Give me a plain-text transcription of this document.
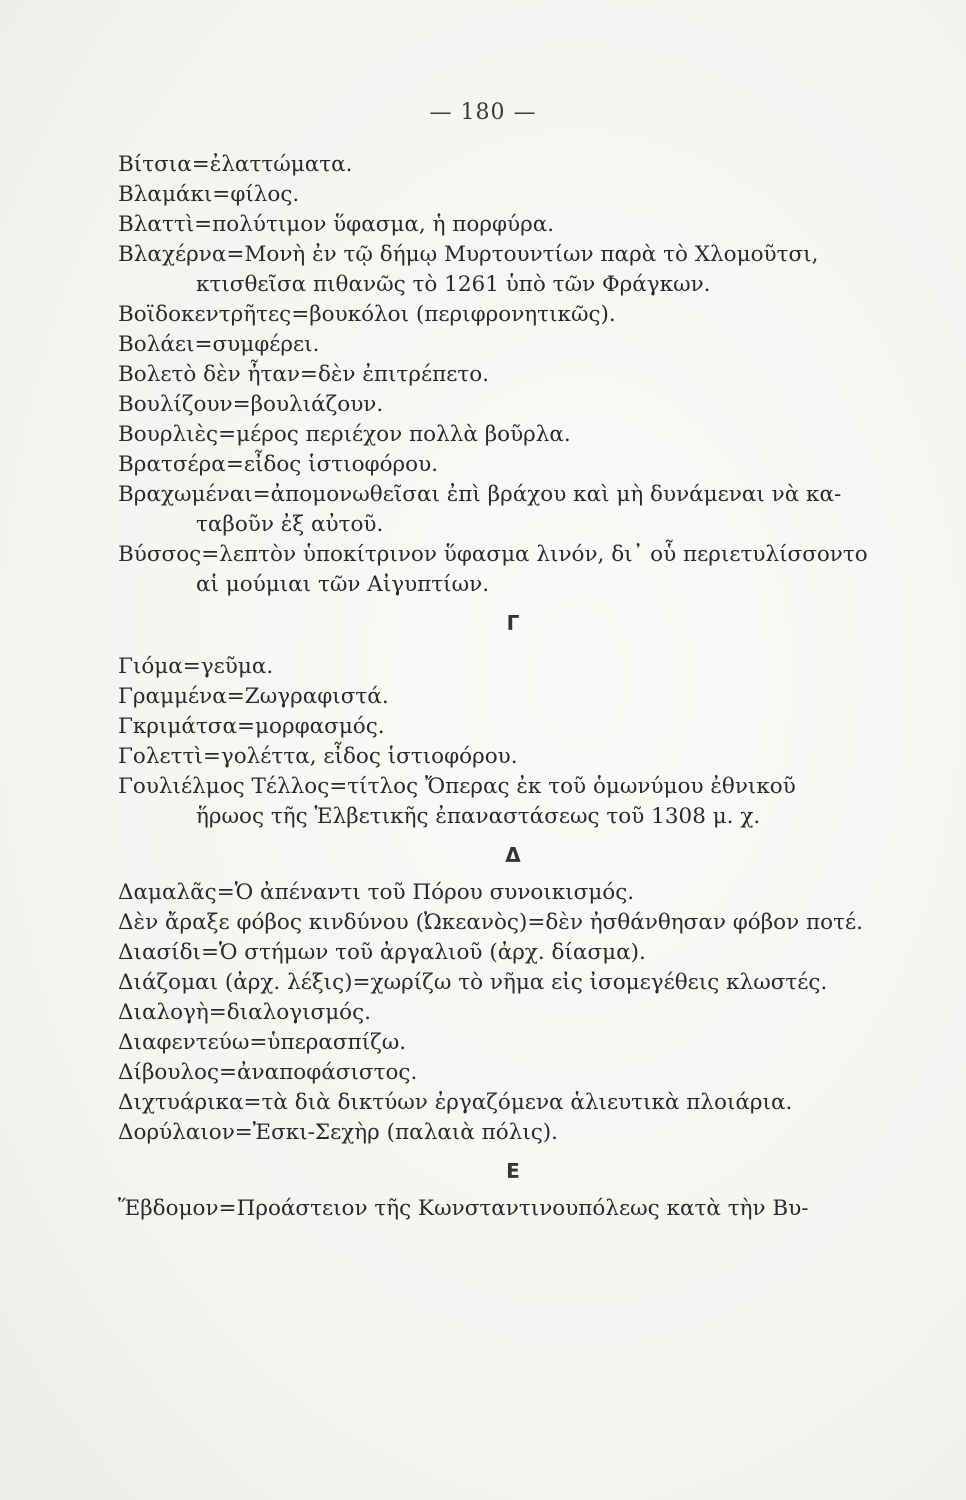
— 180 —
Βίτσια=ἐλαττώματα.
Βλαμάκι=φίλος.
Βλαττὶ=πολύτιμον ὕφασμα, ἡ πορφύρα.
Βλαχέρνα=Μονὴ ἐν τῷ δήμῳ Μυρτουντίων παρὰ τὸ Χλομοῦτσι,
κτισθεῖσα πιθανῶς τὸ 1261 ὑπὸ τῶν Φράγκων.
Βοϊδοκεντρῆτες=βουκόλοι (περιφρονητικῶς).
Βολάει=συμφέρει.
Βολετὸ δὲν ἦταν=δὲν ἐπιτρέπετο.
Βουλίζουν=βουλιάζουν.
Βουρλιὲς=μέρος περιέχον πολλὰ βοῦρλα.
Βρατσέρα=εἶδος ἱστιοφόρου.
Βραχωμέναι=ἀπομονωθεῖσαι ἐπὶ βράχου καὶ μὴ δυνάμεναι νὰ κα-
ταβοῦν ἐξ αὐτοῦ.
Βύσσος=λεπτὸν ὑποκίτρινον ὕφασμα λινόν, δι᾿ οὗ περιετυλίσσοντο
αἱ μούμιαι τῶν Αἰγυπτίων.
Γ
Γιόμα=γεῦμα.
Γραμμένα=Ζωγραφιστά.
Γκριμάτσα=μορφασμός.
Γολεττὶ=γολέττα, εἶδος ἱστιοφόρου.
Γουλιέλμος Τέλλος=τίτλος Ὄπερας ἐκ τοῦ ὁμωνύμου ἐθνικοῦ
ἥρωος τῆς Ἑλβετικῆς ἐπαναστάσεως τοῦ 1308 μ. χ.
Δ
Δαμαλᾶς=Ὁ ἀπέναντι τοῦ Πόρου συνοικισμός.
Δὲν ἄραξε φόβος κινδύνου (Ὠκεανὸς)=δὲν ἠσθάνθησαν φόβον ποτέ.
Διασίδι=Ὁ στήμων τοῦ ἀργαλιοῦ (ἀρχ. δίασμα).
Διάζομαι (ἀρχ. λέξις)=χωρίζω τὸ νῆμα εἰς ἰσομεγέθεις κλωστές.
Διαλογὴ=διαλογισμός.
Διαφεντεύω=ὑπερασπίζω.
Δίβουλος=ἀναποφάσιστος.
Διχτυάρικα=τὰ διὰ δικτύων ἐργαζόμενα ἁλιευτικὰ πλοιάρια.
Δορύλαιον=Ἐσκι-Σεχὴρ (παλαιὰ πόλις).
Ε
Ἕβδομον=Προάστειον τῆς Κωνσταντινουπόλεως κατὰ τὴν Βυ-
